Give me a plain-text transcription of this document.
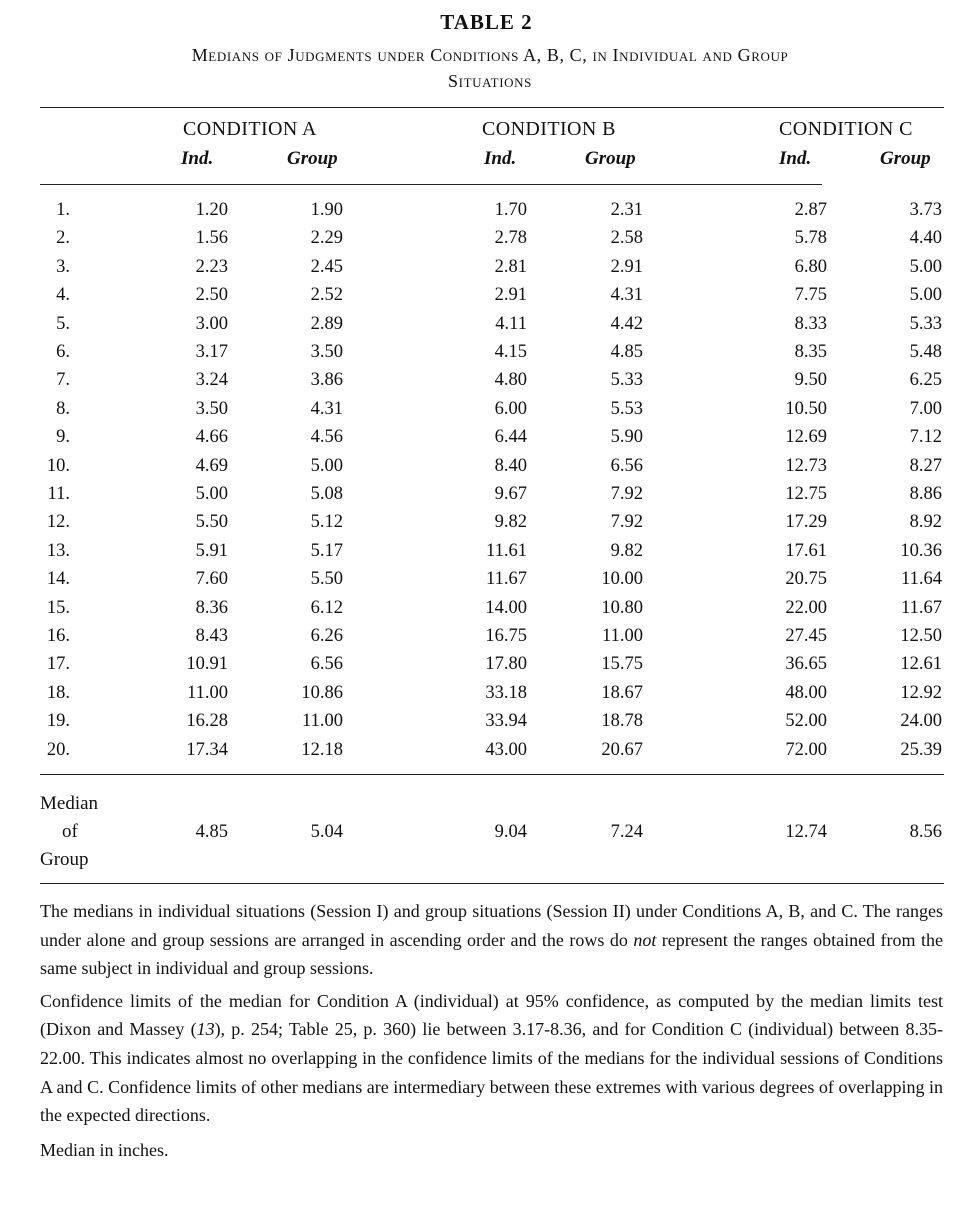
TABLE 2
Medians of Judgments under Conditions A, B, C, in Individual and Group
Situations
CONDITION A	CONDITION B	CONDITION C
Ind.	Group	Ind.	Group	Ind.	Group
1.	1.20	1.90	1.70	2.31	2.87	3.73
2.	1.56	2.29	2.78	2.58	5.78	4.40
3.	2.23	2.45	2.81	2.91	6.80	5.00
4.	2.50	2.52	2.91	4.31	7.75	5.00
5.	3.00	2.89	4.11	4.42	8.33	5.33
6.	3.17	3.50	4.15	4.85	8.35	5.48
7.	3.24	3.86	4.80	5.33	9.50	6.25
8.	3.50	4.31	6.00	5.53	10.50	7.00
9.	4.66	4.56	6.44	5.90	12.69	7.12
10.	4.69	5.00	8.40	6.56	12.73	8.27
11.	5.00	5.08	9.67	7.92	12.75	8.86
12.	5.50	5.12	9.82	7.92	17.29	8.92
13.	5.91	5.17	11.61	9.82	17.61	10.36
14.	7.60	5.50	11.67	10.00	20.75	11.64
15.	8.36	6.12	14.00	10.80	22.00	11.67
16.	8.43	6.26	16.75	11.00	27.45	12.50
17.	10.91	6.56	17.80	15.75	36.65	12.61
18.	11.00	10.86	33.18	18.67	48.00	12.92
19.	16.28	11.00	33.94	18.78	52.00	24.00
20.	17.34	12.18	43.00	20.67	72.00	25.39
Median
of
Group
4.85	5.04	9.04	7.24	12.74	8.56

The medians in individual situations (Session I) and group situations (Session II) under Conditions A, B, and C. The ranges under alone and group sessions are arranged in ascending order and the rows do not represent the ranges obtained from the same subject in individual and group sessions.

Confidence limits of the median for Condition A (individual) at 95% confidence, as computed by the median limits test (Dixon and Massey (13), p. 254; Table 25, p. 360) lie between 3.17-8.36, and for Condition C (individual) between 8.35-22.00. This indicates almost no overlapping in the confidence limits of the medians for the individual sessions of Conditions A and C. Confidence limits of other medians are intermediary between these extremes with various degrees of overlapping in the expected directions.

Median in inches.
